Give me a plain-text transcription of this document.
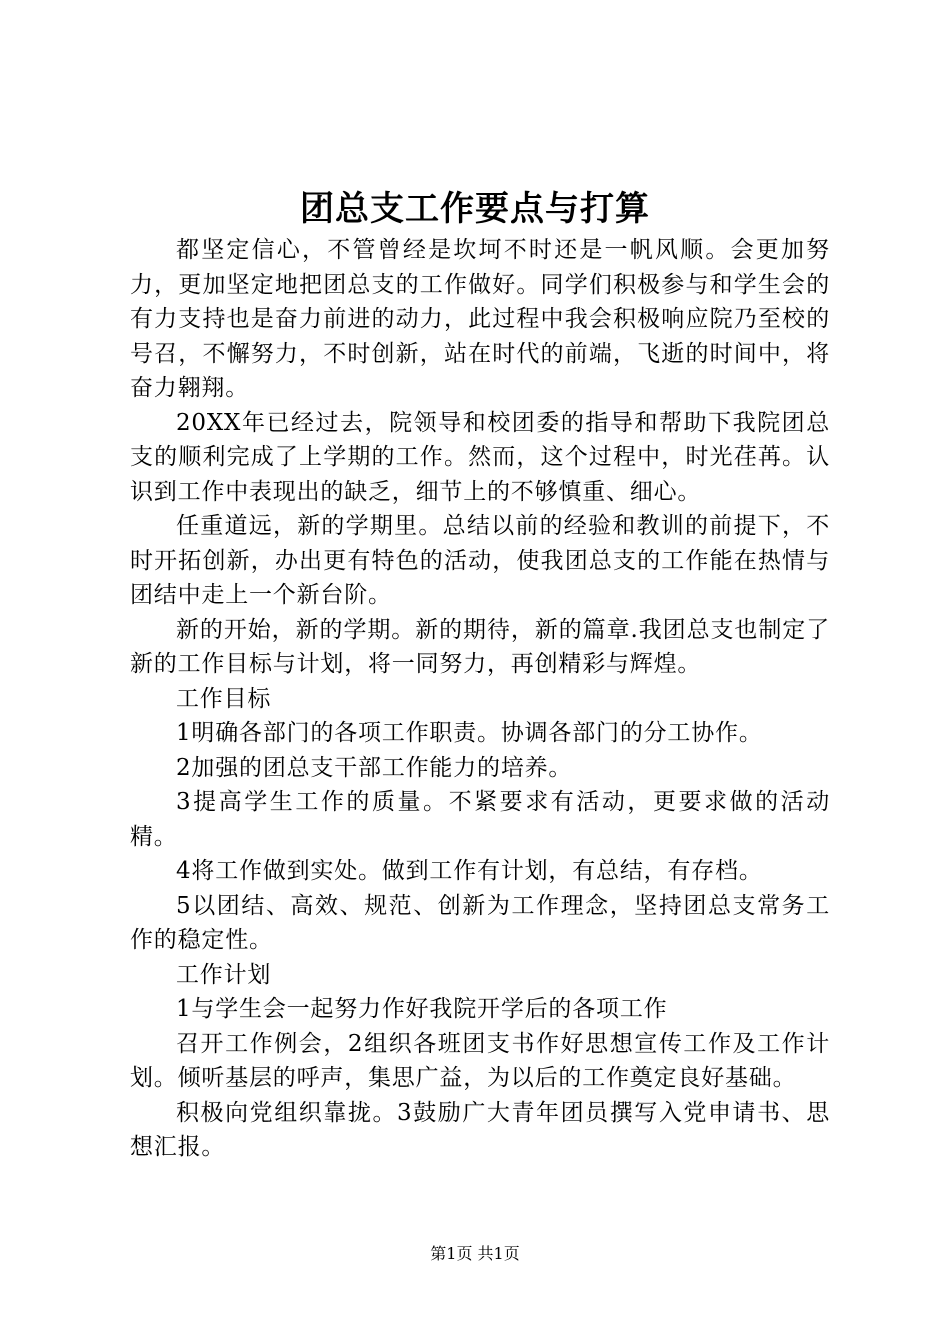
团总支工作要点与打算

都坚定信心，不管曾经是坎坷不时还是一帆风顺。会更加努力，更加坚定地把团总支的工作做好。同学们积极参与和学生会的有力支持也是奋力前进的动力，此过程中我会积极响应院乃至校的号召，不懈努力，不时创新，站在时代的前端，飞逝的时间中，将奋力翱翔。

20XX年已经过去，院领导和校团委的指导和帮助下我院团总支的顺利完成了上学期的工作。然而，这个过程中，时光荏苒。认识到工作中表现出的缺乏，细节上的不够慎重、细心。

任重道远，新的学期里。总结以前的经验和教训的前提下，不时开拓创新，办出更有特色的活动，使我团总支的工作能在热情与团结中走上一个新台阶。

新的开始，新的学期。新的期待，新的篇章.我团总支也制定了新的工作目标与计划，将一同努力，再创精彩与辉煌。

工作目标

1明确各部门的各项工作职责。协调各部门的分工协作。

2加强的团总支干部工作能力的培养。

3提高学生工作的质量。不紧要求有活动，更要求做的活动精。

4将工作做到实处。做到工作有计划，有总结，有存档。

5以团结、高效、规范、创新为工作理念，坚持团总支常务工作的稳定性。

工作计划

1与学生会一起努力作好我院开学后的各项工作

召开工作例会，2组织各班团支书作好思想宣传工作及工作计划。倾听基层的呼声，集思广益，为以后的工作奠定良好基础。

积极向党组织靠拢。3鼓励广大青年团员撰写入党申请书、思想汇报。

第1页 共1页
